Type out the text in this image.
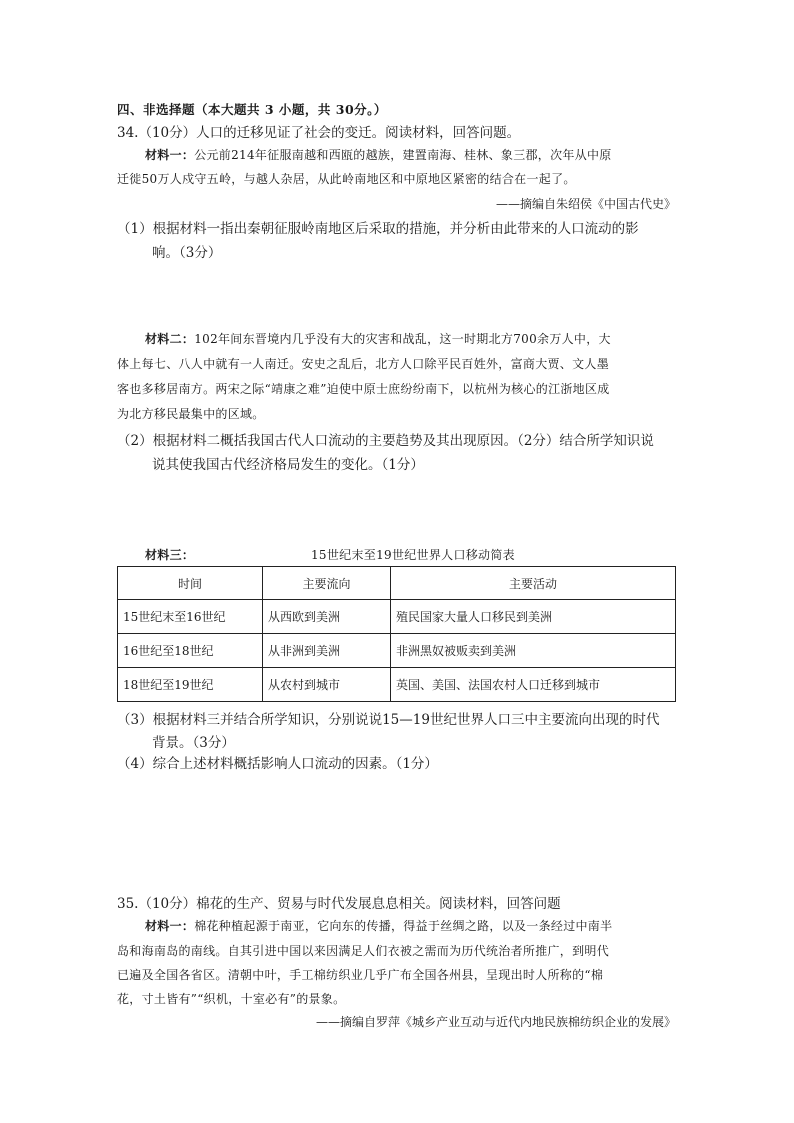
四、非选择题（本大题共 3 小题，共 30分。）
34.（10分）人口的迁移见证了社会的变迁。阅读材料，回答问题。
材料一：公元前214年征服南越和西瓯的越族，建置南海、桂林、象三郡，次年从中原
迁徙50万人戍守五岭，与越人杂居，从此岭南地区和中原地区紧密的结合在一起了。
——摘编自朱绍侯《中国古代史》
（1）根据材料一指出秦朝征服岭南地区后采取的措施，并分析由此带来的人口流动的影
响。（3分）
材料二：102年间东晋境内几乎没有大的灾害和战乱，这一时期北方700余万人中，大
体上每七、八人中就有一人南迁。安史之乱后，北方人口除平民百姓外，富商大贾、文人墨
客也多移居南方。两宋之际“靖康之难”迫使中原士庶纷纷南下，以杭州为核心的江浙地区成
为北方移民最集中的区域。
（2）根据材料二概括我国古代人口流动的主要趋势及其出现原因。（2分）结合所学知识说
说其使我国古代经济格局发生的变化。（1分）
材料三：	15世纪末至19世纪世界人口移动简表
时间	主要流向	主要活动
15世纪末至16世纪	从西欧到美洲	殖民国家大量人口移民到美洲
16世纪至18世纪	从非洲到美洲	非洲黑奴被贩卖到美洲
18世纪至19世纪	从农村到城市	英国、美国、法国农村人口迁移到城市
（3）根据材料三并结合所学知识，分别说说15—19世纪世界人口三中主要流向出现的时代
背景。（3分）
（4）综合上述材料概括影响人口流动的因素。（1分）
35.（10分）棉花的生产、贸易与时代发展息息相关。阅读材料，回答问题
材料一：棉花种植起源于南亚，它向东的传播，得益于丝绸之路，以及一条经过中南半
岛和海南岛的南线。自其引进中国以来因满足人们衣被之需而为历代统治者所推广，到明代
已遍及全国各省区。清朝中叶，手工棉纺织业几乎广布全国各州县，呈现出时人所称的“棉
花，寸土皆有”“织机，十室必有”的景象。
——摘编自罗萍《城乡产业互动与近代内地民族棉纺织企业的发展》
